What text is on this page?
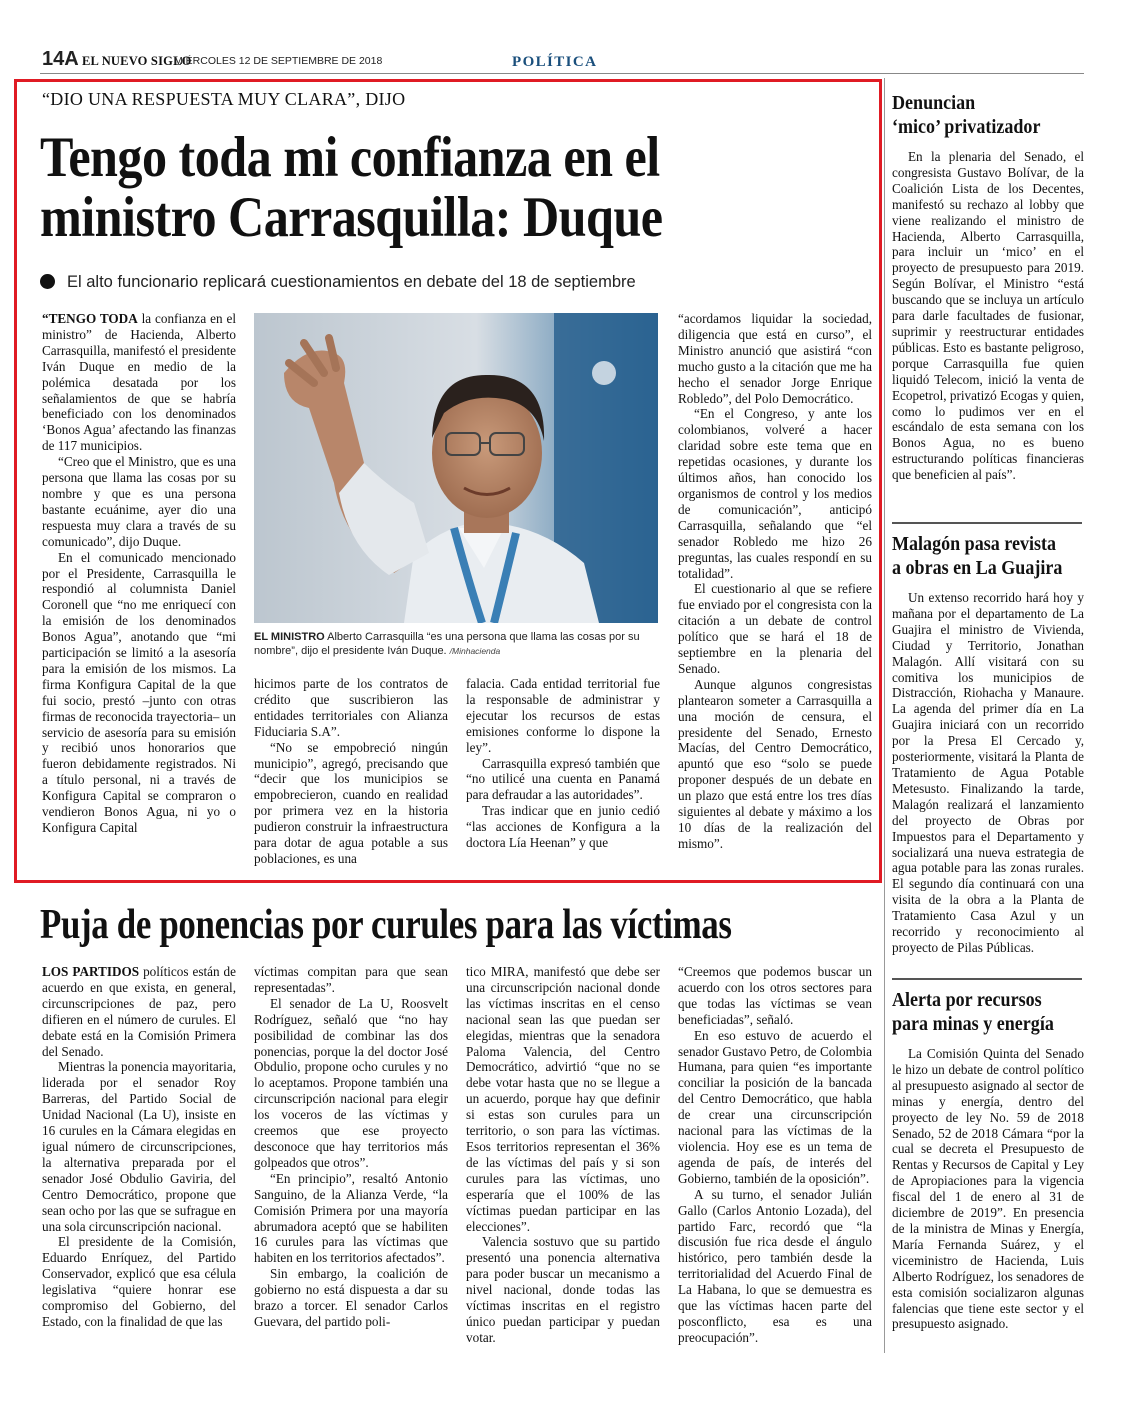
14A EL NUEVO SIGLO
MIÉRCOLES 12 DE SEPTIEMBRE DE 2018	POLÍTICA
“DIO UNA RESPUESTA MUY CLARA”, DIJO
Tengo toda mi confianza en el
ministro Carrasquilla: Duque
El alto funcionario replicará cuestionamientos en debate del 18 de septiembre
EL MINISTRO Alberto Carrasquilla “es una persona que llama las cosas por su nombre”, dijo el presidente Iván Duque. /Minhacienda

“TENGO TODA la confianza en el ministro” de Hacienda, Alberto Carrasquilla, manifestó el presidente Iván Duque en medio de la polémica desatada por los señalamientos de que se habría beneficiado con los denominados ‘Bonos Agua’ afectando las finanzas de 117 municipios.

“Creo que el Ministro, que es una persona que llama las cosas por su nombre y que es una persona bastante ecuánime, ayer dio una respuesta muy clara a través de su comunicado”, dijo Duque.

En el comunicado mencionado por el Presidente, Carrasquilla le respondió al columnista Daniel Coronell que “no me enriquecí con la emisión de los denominados Bonos Agua”, anotando que “mi participación se limitó a la asesoría para la emisión de los mismos. La firma Konfigura Capital de la que fui socio, prestó –junto con otras firmas de reconocida trayectoria– un servicio de asesoría para su emisión y recibió unos honorarios que fueron debidamente registrados. Ni a título personal, ni a través de Konfigura Capital se compraron o vendieron Bonos Agua, ni yo o Konfigura Capital

hicimos parte de los contratos de crédito que suscribieron las entidades territoriales con Alianza Fiduciaria S.A”.

“No se empobreció ningún municipio”, agregó, precisando que “decir que los municipios se empobrecieron, cuando en realidad por primera vez en la historia pudieron construir la infraestructura para dotar de agua potable a sus poblaciones, es una

falacia. Cada entidad territorial fue la responsable de administrar y ejecutar los recursos de estas emisiones conforme lo dispone la ley”.

Carrasquilla expresó también que “no utilicé una cuenta en Panamá para defraudar a las autoridades”.

Tras indicar que en junio cedió “las acciones de Konfigura a la doctora Lía Heenan” y que

“acordamos liquidar la sociedad, diligencia que está en curso”, el Ministro anunció que asistirá “con mucho gusto a la citación que me ha hecho el senador Jorge Enrique Robledo”, del Polo Democrático.

“En el Congreso, y ante los colombianos, volveré a hacer claridad sobre este tema que en repetidas ocasiones, y durante los últimos años, han conocido los organismos de control y los medios de comunicación”, anticipó Carrasquilla, señalando que “el senador Robledo me hizo 26 preguntas, las cuales respondí en su totalidad”.

El cuestionario al que se refiere fue enviado por el congresista con la citación a un debate de control político que se hará el 18 de septiembre en la plenaria del Senado.

Aunque algunos congresistas plantearon someter a Carrasquilla a una moción de censura, el presidente del Senado, Ernesto Macías, del Centro Democrático, apuntó que eso “solo se puede proponer después de un debate en un plazo que está entre los tres días siguientes al debate y máximo a los 10 días de la realización del mismo”.

Puja de ponencias por curules para las víctimas

LOS PARTIDOS políticos están de acuerdo en que exista, en general, circunscripciones de paz, pero difieren en el número de curules. El debate está en la Comisión Primera del Senado.

Mientras la ponencia mayoritaria, liderada por el senador Roy Barreras, del Partido Social de Unidad Nacional (La U), insiste en 16 curules en la Cámara elegidas en igual número de circunscripciones, la alternativa preparada por el senador José Obdulio Gaviria, del Centro Democrático, propone que sean ocho por las que se sufrague en una sola circunscripción nacional.

El presidente de la Comisión, Eduardo Enríquez, del Partido Conservador, explicó que esa célula legislativa “quiere honrar ese compromiso del Gobierno, del Estado, con la finalidad de que las

víctimas compitan para que sean representadas”.

El senador de La U, Roosvelt Rodríguez, señaló que “no hay posibilidad de combinar las dos ponencias, porque la del doctor José Obdulio, propone ocho curules y no lo aceptamos. Propone también una circunscripción nacional para elegir los voceros de las víctimas y creemos que ese proyecto desconoce que hay territorios más golpeados que otros”.

“En principio”, resaltó Antonio Sanguino, de la Alianza Verde, “la Comisión Primera por una mayoría abrumadora aceptó que se habiliten 16 curules para las víctimas que habiten en los territorios afectados”.

Sin embargo, la coalición de gobierno no está dispuesta a dar su brazo a torcer. El senador Carlos Guevara, del partido poli-

tico MIRA, manifestó que debe ser una circunscripción nacional donde las víctimas inscritas en el censo nacional sean las que puedan ser elegidas, mientras que la senadora Paloma Valencia, del Centro Democrático, advirtió “que no se debe votar hasta que no se llegue a un acuerdo, porque hay que definir si estas son curules para un territorio, o son para las víctimas. Esos territorios representan el 36% de las víctimas del país y si son curules para las víctimas, uno esperaría que el 100% de las víctimas puedan participar en las elecciones”.

Valencia sostuvo que su partido presentó una ponencia alternativa para poder buscar un mecanismo a nivel nacional, donde todas las víctimas inscritas en el registro único puedan participar y puedan votar.

“Creemos que podemos buscar un acuerdo con los otros sectores para que todas las víctimas se vean beneficiadas”, señaló.

En eso estuvo de acuerdo el senador Gustavo Petro, de Colombia Humana, para quien “es importante conciliar la posición de la bancada del Centro Democrático, que habla de crear una circunscripción nacional para las víctimas de la violencia. Hoy ese es un tema de agenda de país, de interés del Gobierno, también de la oposición”.

A su turno, el senador Julián Gallo (Carlos Antonio Lozada), del partido Farc, recordó que “la discusión fue rica desde el ángulo histórico, pero también desde la territorialidad del Acuerdo Final de La Habana, lo que se demuestra es que las víctimas hacen parte del posconflicto, esa es una preocupación”.

Denuncian
‘mico’ privatizador

En la plenaria del Senado, el congresista Gustavo Bolívar, de la Coalición Lista de los Decentes, manifestó su rechazo al lobby que viene realizando el ministro de Hacienda, Alberto Carrasquilla, para incluir un ‘mico’ en el proyecto de presupuesto para 2019. Según Bolívar, el Ministro “está buscando que se incluya un artículo para darle facultades de fusionar, suprimir y reestructurar entidades públicas. Esto es bastante peligroso, porque Carrasquilla fue quien liquidó Telecom, inició la venta de Ecopetrol, privatizó Ecogas y quien, como lo pudimos ver en el escándalo de esta semana con los Bonos Agua, no es bueno estructurando políticas financieras que beneficien al país”.

Malagón pasa revista
a obras en La Guajira

Un extenso recorrido hará hoy y mañana por el departamento de La Guajira el ministro de Vivienda, Ciudad y Territorio, Jonathan Malagón. Allí visitará con su comitiva los municipios de Distracción, Riohacha y Manaure. La agenda del primer día en La Guajira iniciará con un recorrido por la Presa El Cercado y, posteriormente, visitará la Planta de Tratamiento de Agua Potable Metesusto. Finalizando la tarde, Malagón realizará el lanzamiento del proyecto de Obras por Impuestos para el Departamento y socializará una nueva estrategia de agua potable para las zonas rurales. El segundo día continuará con una visita de la obra a la Planta de Tratamiento Casa Azul y un recorrido y reconocimiento al proyecto de Pilas Públicas.

Alerta por recursos
para minas y energía

La Comisión Quinta del Senado le hizo un debate de control político al presupuesto asignado al sector de minas y energía, dentro del proyecto de ley No. 59 de 2018 Senado, 52 de 2018 Cámara “por la cual se decreta el Presupuesto de Rentas y Recursos de Capital y Ley de Apropiaciones para la vigencia fiscal del 1 de enero al 31 de diciembre de 2019”. En presencia de la ministra de Minas y Energía, María Fernanda Suárez, y el viceministro de Hacienda, Luis Alberto Rodríguez, los senadores de esta comisión socializaron algunas falencias que tiene este sector y el presupuesto asignado.
